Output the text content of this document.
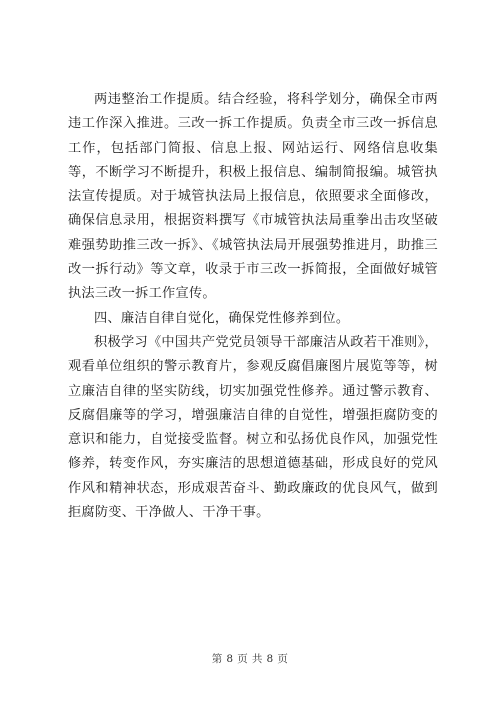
两违整治工作提质。结合经验，将科学划分，确保全市两违工作深入推进。三改一拆工作提质。负责全市三改一拆信息工作，包括部门简报、信息上报、网站运行、网络信息收集等，不断学习不断提升，积极上报信息、编制简报编。城管执法宣传提质。对于城管执法局上报信息，依照要求全面修改，确保信息录用，根据资料撰写《市城管执法局重拳出击攻坚破难强势助推三改一拆》、《城管执法局开展强势推进月，助推三改一拆行动》等文章，收录于市三改一拆简报，全面做好城管执法三改一拆工作宣传。

四、廉洁自律自觉化，确保党性修养到位。

积极学习《中国共产党党员领导干部廉洁从政若干准则》，观看单位组织的警示教育片，参观反腐倡廉图片展览等等，树立廉洁自律的坚实防线，切实加强党性修养。通过警示教育、反腐倡廉等的学习，增强廉洁自律的自觉性，增强拒腐防变的意识和能力，自觉接受监督。树立和弘扬优良作风，加强党性修养，转变作风，夯实廉洁的思想道德基础，形成良好的党风作风和精神状态，形成艰苦奋斗、勤政廉政的优良风气，做到拒腐防变、干净做人、干净干事。

第 8 页 共 8 页
